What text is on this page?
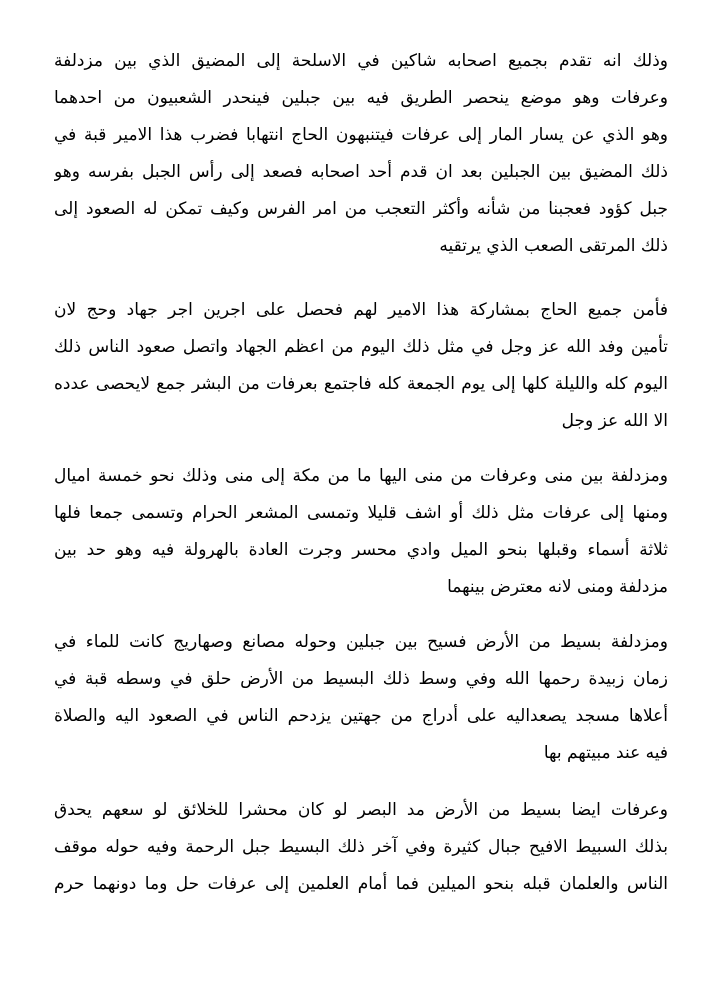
وذلك انه تقدم بجميع اصحابه شاكين في الاسلحة إلى المضيق الذي بين مزدلفة
وعرفات وهو موضع ينحصر الطريق فيه بين جبلين فينحدر الشعبيون من احدهما
وهو الذي عن يسار المار إلى عرفات فيتنبهون الحاج انتهابا فضرب هذا الامير قبة في
ذلك المضيق بين الجبلين بعد ان قدم أحد اصحابه فصعد إلى رأس الجبل بفرسه وهو
جبل كؤود فعجبنا من شأنه وأكثر التعجب من امر الفرس وكيف تمكن له الصعود إلى
ذلك المرتقى الصعب الذي يرتقيه
فأمن جميع الحاج بمشاركة هذا الامير لهم فحصل على اجرين اجر جهاد وحج لان
تأمين وفد الله عز وجل في مثل ذلك اليوم من اعظم الجهاد واتصل صعود الناس ذلك
اليوم كله والليلة كلها إلى يوم الجمعة كله فاجتمع بعرفات من البشر جمع لايحصى عدده
الا الله عز وجل
ومزدلفة بين منى وعرفات من منى اليها ما من مكة إلى منى وذلك نحو خمسة اميال
ومنها إلى عرفات مثل ذلك أو اشف قليلا وتمسى المشعر الحرام وتسمى جمعا فلها
ثلاثة أسماء وقبلها بنحو الميل وادي محسر وجرت العادة بالهرولة فيه وهو حد بين
مزدلفة ومنى لانه معترض بينهما
ومزدلفة بسيط من الأرض فسيح بين جبلين وحوله مصانع وصهاريج كانت للماء في
زمان زبيدة رحمها الله وفي وسط ذلك البسيط من الأرض حلق في وسطه قبة في
أعلاها مسجد يصعداليه على أدراج من جهتين يزدحم الناس في الصعود اليه والصلاة
فيه عند مبيتهم بها
وعرفات ايضا بسيط من الأرض مد البصر لو كان محشرا للخلائق لو سعهم يحدق
بذلك السبيط الافيح جبال كثيرة وفي آخر ذلك البسيط جبل الرحمة وفيه حوله موقف
الناس والعلمان قبله بنحو الميلين فما أمام العلمين إلى عرفات حل وما دونهما حرم
